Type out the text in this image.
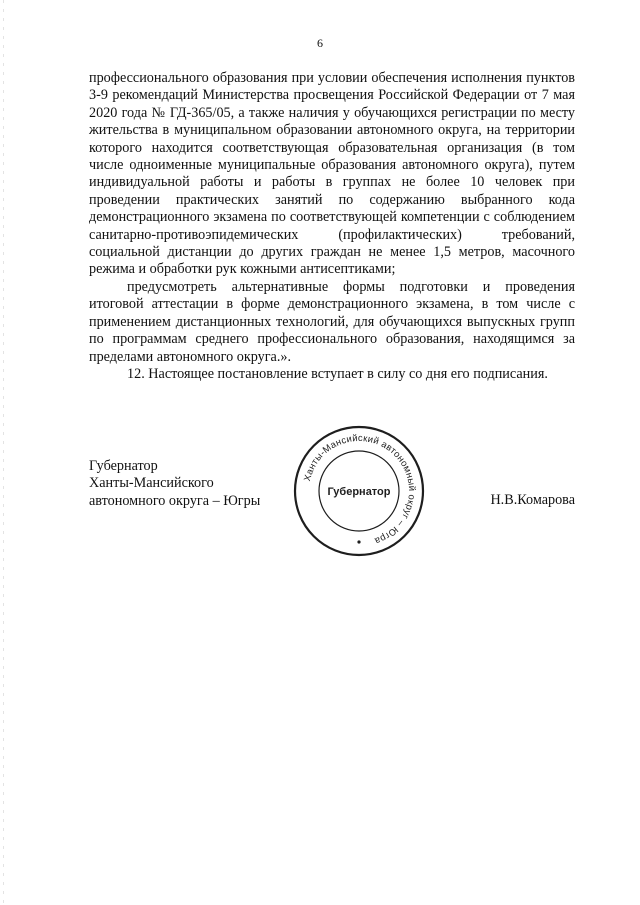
6

профессионального образования при условии обеспечения исполнения пунктов 3-9 рекомендаций Министерства просвещения Российской Федерации от 7 мая 2020 года № ГД-365/05, а также наличия у обучающихся регистрации по месту жительства в муниципальном образовании автономного округа, на территории которого находится соответствующая образовательная организация (в том числе одноименные муниципальные образования автономного округа), путем индивидуальной работы и работы в группах не более 10 человек при проведении практических занятий по содержанию выбранного кода демонстрационного экзамена по соответствующей компетенции с соблюдением санитарно-противоэпидемических (профилактических) требований, социальной дистанции до других граждан не менее 1,5 метров, масочного режима и обработки рук кожными антисептиками;

предусмотреть альтернативные формы подготовки и проведения итоговой аттестации в форме демонстрационного экзамена, в том числе с применением дистанционных технологий, для обучающихся выпускных групп по программам среднего профессионального образования, находящимся за пределами автономного округа.».

12. Настоящее постановление вступает в силу со дня его подписания.

Губернатор
Ханты-Мансийского
автономного округа – Югры	Н.В.Комарова
Ханты-Мансийский автономный округ – Югра
Губернатор
